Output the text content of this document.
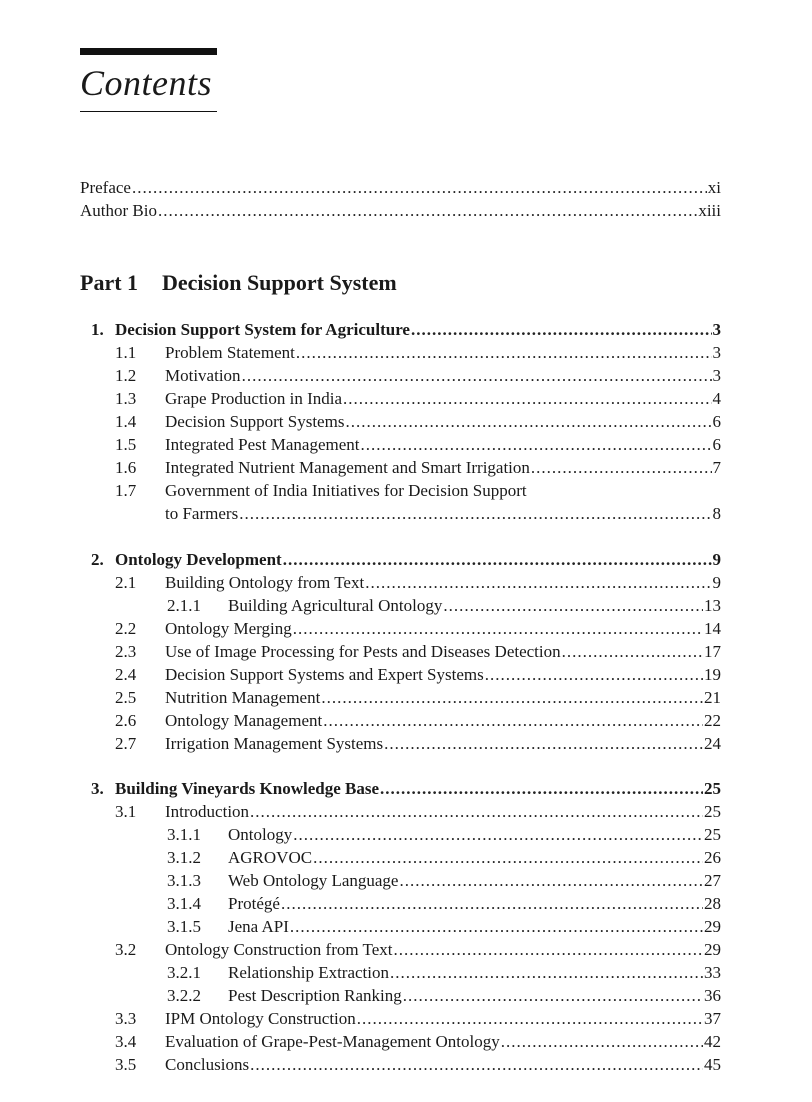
Contents
Preface .....	xi
Author Bio .....	xiii
Part 1 Decision Support System
1. Decision Support System for Agriculture .....	3
1.1	Problem Statement .....	3
1.2	Motivation .....	3
1.3	Grape Production in India .....	4
1.4	Decision Support Systems .....	6
1.5	Integrated Pest Management .....	6
1.6	Integrated Nutrient Management and Smart Irrigation .....	7
1.7	Government of India Initiatives for Decision Support
to Farmers .....	8
2. Ontology Development .....	9
2.1	Building Ontology from Text .....	9
2.1.1	Building Agricultural Ontology .....	13
2.2	Ontology Merging .....	14
2.3	Use of Image Processing for Pests and Diseases Detection .....	17
2.4	Decision Support Systems and Expert Systems .....	19
2.5	Nutrition Management .....	21
2.6	Ontology Management .....	22
2.7	Irrigation Management Systems .....	24
3. Building Vineyards Knowledge Base .....	25
3.1	Introduction .....	25
3.1.1	Ontology .....	25
3.1.2	AGROVOC .....	26
3.1.3	Web Ontology Language .....	27
3.1.4	Protégé .....	28
3.1.5	Jena API .....	29
3.2	Ontology Construction from Text .....	29
3.2.1	Relationship Extraction .....	33
3.2.2	Pest Description Ranking .....	36
3.3	IPM Ontology Construction .....	37
3.4	Evaluation of Grape-Pest-Management Ontology .....	42
3.5	Conclusions .....	45
